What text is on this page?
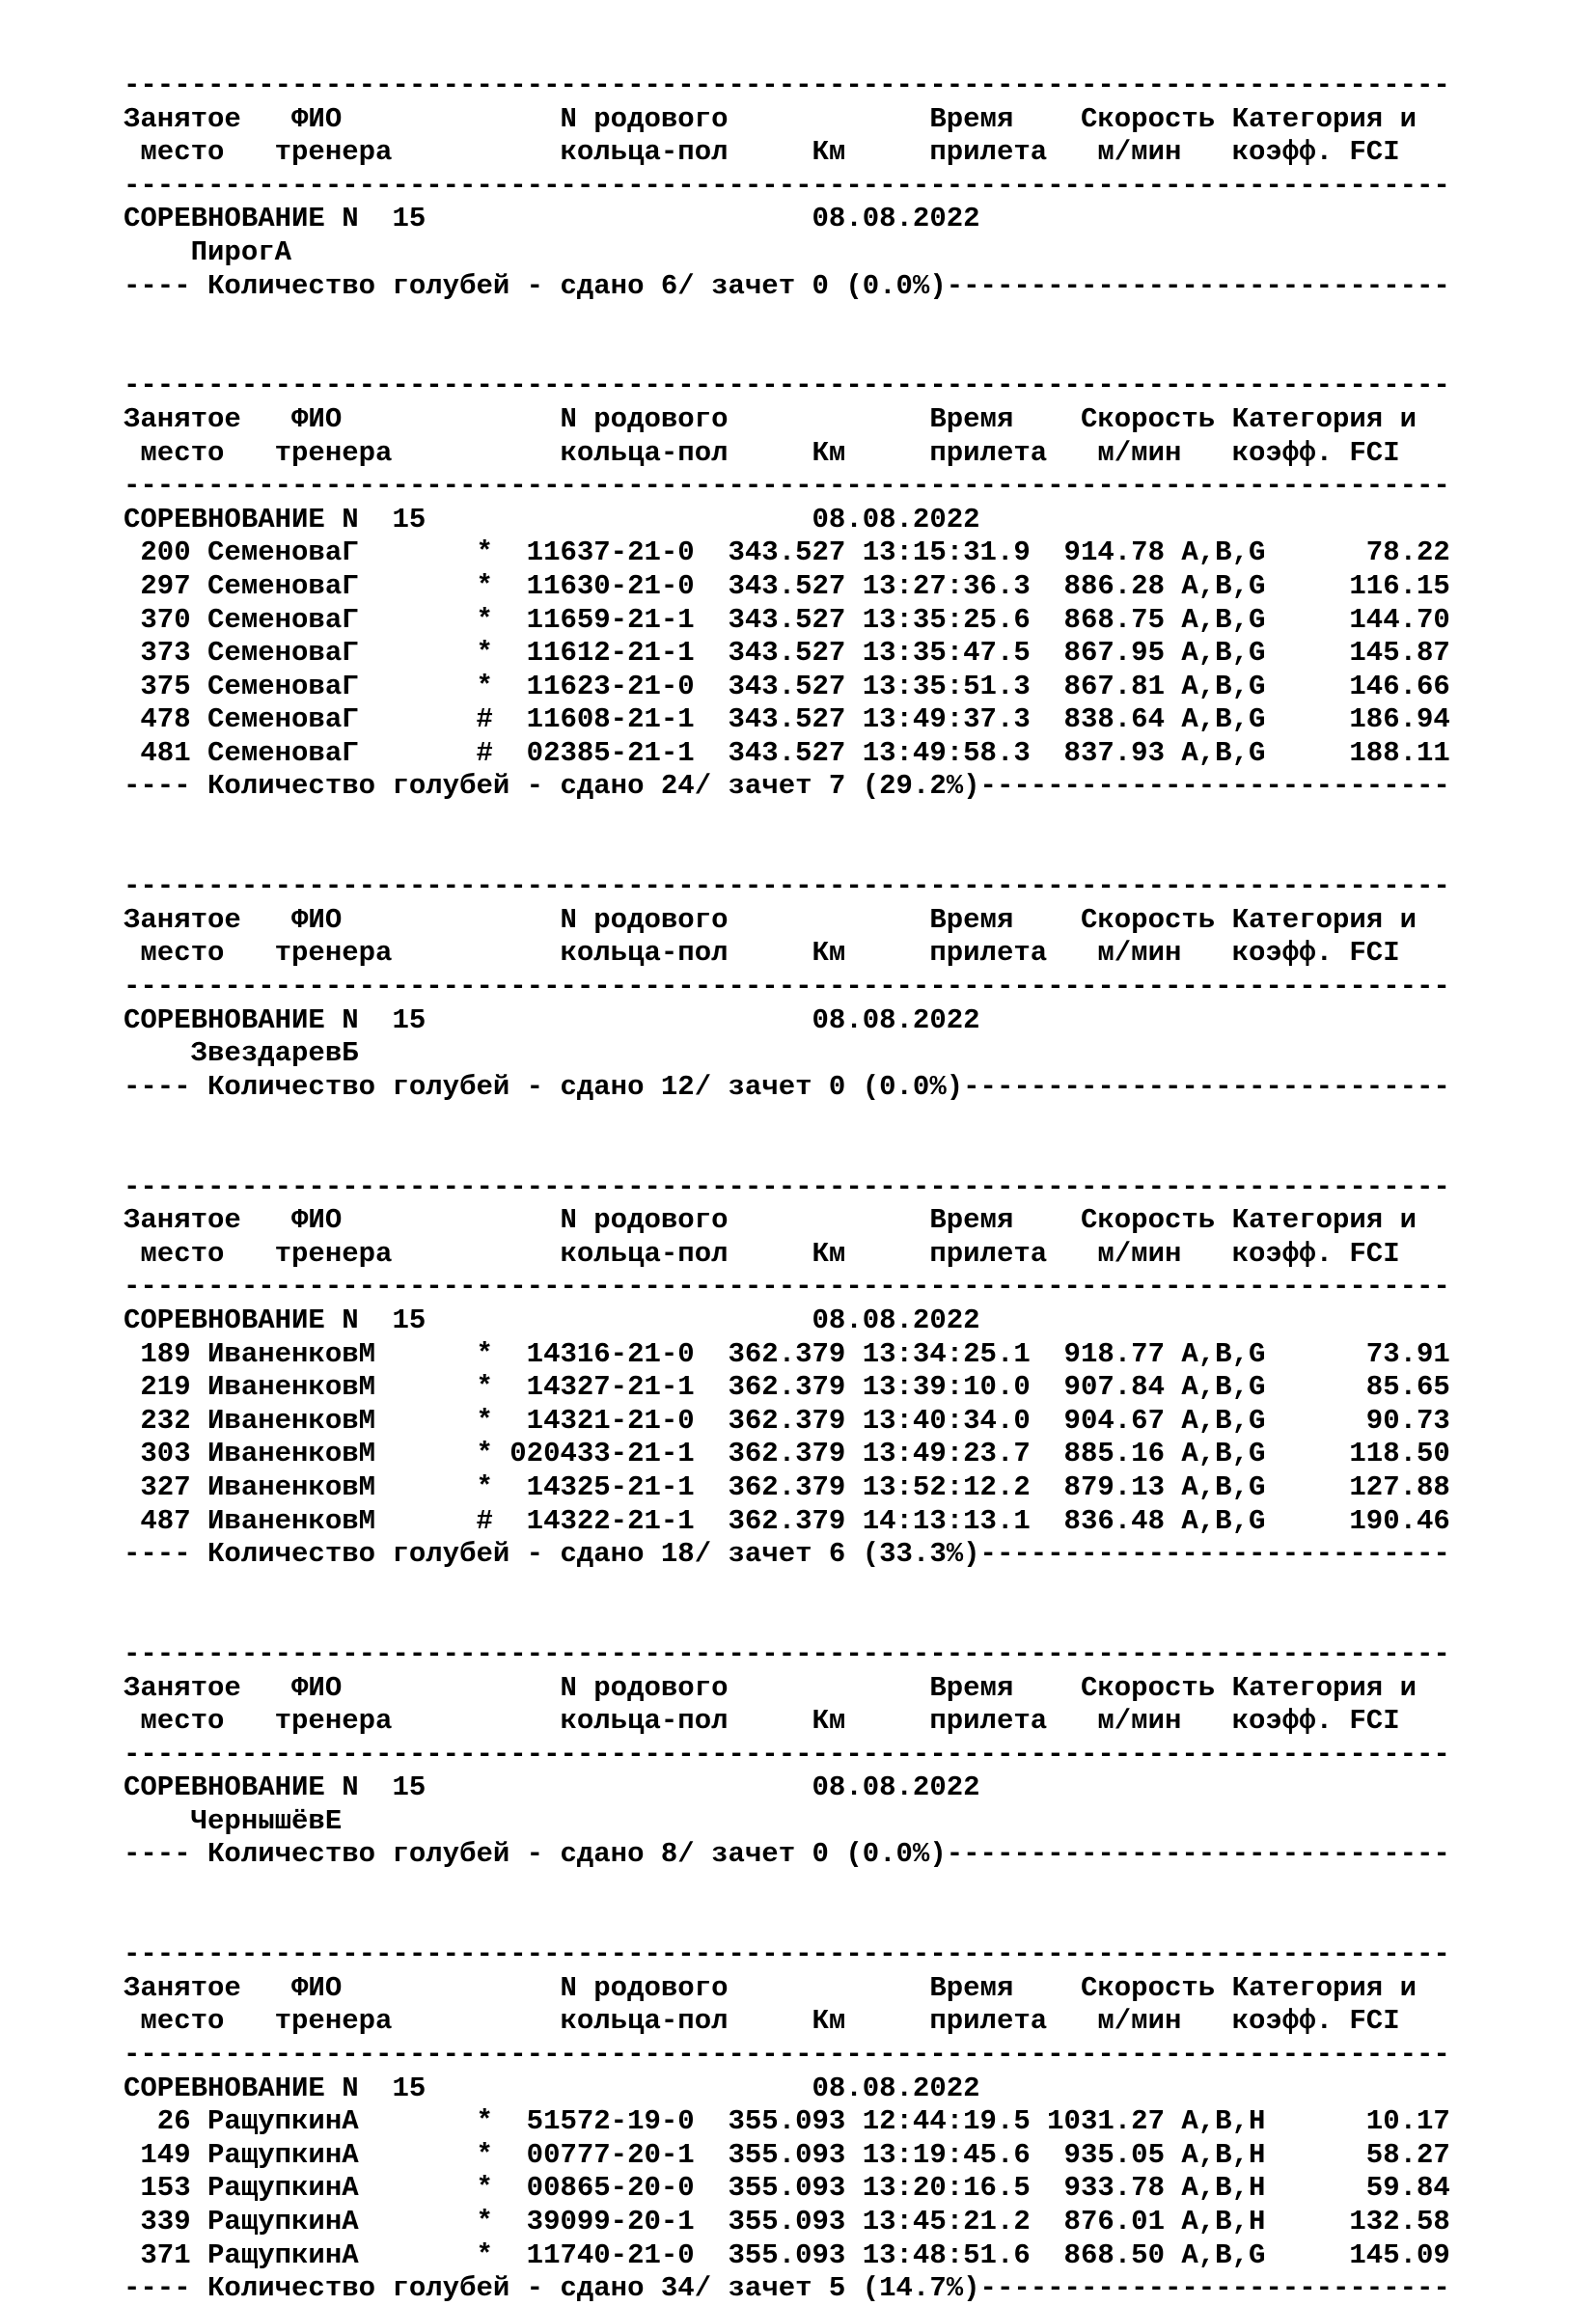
-------------------------------------------------------------------------------
Занятое   ФИО             N родового            Время    Скорость Категория и
место   тренера          кольца-пол     Км     прилета   м/мин   коэфф. FCI
-------------------------------------------------------------------------------
СОРЕВНОВАНИЕ N  15                       08.08.2022
ПирогА
---- Количество голубей - сдано 6/ зачет 0 (0.0%)------------------------------
-------------------------------------------------------------------------------
Занятое   ФИО             N родового            Время    Скорость Категория и
место   тренера          кольца-пол     Км     прилета   м/мин   коэфф. FCI
-------------------------------------------------------------------------------
СОРЕВНОВАНИЕ N  15                       08.08.2022
200 СеменоваГ       *  11637-21-0  343.527 13:15:31.9  914.78 A,B,G      78.22
297 СеменоваГ       *  11630-21-0  343.527 13:27:36.3  886.28 A,B,G     116.15
370 СеменоваГ       *  11659-21-1  343.527 13:35:25.6  868.75 A,B,G     144.70
373 СеменоваГ       *  11612-21-1  343.527 13:35:47.5  867.95 A,B,G     145.87
375 СеменоваГ       *  11623-21-0  343.527 13:35:51.3  867.81 A,B,G     146.66
478 СеменоваГ       #  11608-21-1  343.527 13:49:37.3  838.64 A,B,G     186.94
481 СеменоваГ       #  02385-21-1  343.527 13:49:58.3  837.93 A,B,G     188.11
---- Количество голубей - сдано 24/ зачет 7 (29.2%)----------------------------
-------------------------------------------------------------------------------
Занятое   ФИО             N родового            Время    Скорость Категория и
место   тренера          кольца-пол     Км     прилета   м/мин   коэфф. FCI
-------------------------------------------------------------------------------
СОРЕВНОВАНИЕ N  15                       08.08.2022
ЗвездаревБ
---- Количество голубей - сдано 12/ зачет 0 (0.0%)-----------------------------
-------------------------------------------------------------------------------
Занятое   ФИО             N родового            Время    Скорость Категория и
место   тренера          кольца-пол     Км     прилета   м/мин   коэфф. FCI
-------------------------------------------------------------------------------
СОРЕВНОВАНИЕ N  15                       08.08.2022
189 ИваненковМ      *  14316-21-0  362.379 13:34:25.1  918.77 A,B,G      73.91
219 ИваненковМ      *  14327-21-1  362.379 13:39:10.0  907.84 A,B,G      85.65
232 ИваненковМ      *  14321-21-0  362.379 13:40:34.0  904.67 A,B,G      90.73
303 ИваненковМ      * 020433-21-1  362.379 13:49:23.7  885.16 A,B,G     118.50
327 ИваненковМ      *  14325-21-1  362.379 13:52:12.2  879.13 A,B,G     127.88
487 ИваненковМ      #  14322-21-1  362.379 14:13:13.1  836.48 A,B,G     190.46
---- Количество голубей - сдано 18/ зачет 6 (33.3%)----------------------------
-------------------------------------------------------------------------------
Занятое   ФИО             N родового            Время    Скорость Категория и
место   тренера          кольца-пол     Км     прилета   м/мин   коэфф. FCI
-------------------------------------------------------------------------------
СОРЕВНОВАНИЕ N  15                       08.08.2022
ЧернышёвЕ
---- Количество голубей - сдано 8/ зачет 0 (0.0%)------------------------------
-------------------------------------------------------------------------------
Занятое   ФИО             N родового            Время    Скорость Категория и
место   тренера          кольца-пол     Км     прилета   м/мин   коэфф. FCI
-------------------------------------------------------------------------------
СОРЕВНОВАНИЕ N  15                       08.08.2022
26 РащупкинА       *  51572-19-0  355.093 12:44:19.5 1031.27 A,B,H      10.17
149 РащупкинА       *  00777-20-1  355.093 13:19:45.6  935.05 A,B,H      58.27
153 РащупкинА       *  00865-20-0  355.093 13:20:16.5  933.78 A,B,H      59.84
339 РащупкинА       *  39099-20-1  355.093 13:45:21.2  876.01 A,B,H     132.58
371 РащупкинА       *  11740-21-0  355.093 13:48:51.6  868.50 A,B,G     145.09
---- Количество голубей - сдано 34/ зачет 5 (14.7%)----------------------------
